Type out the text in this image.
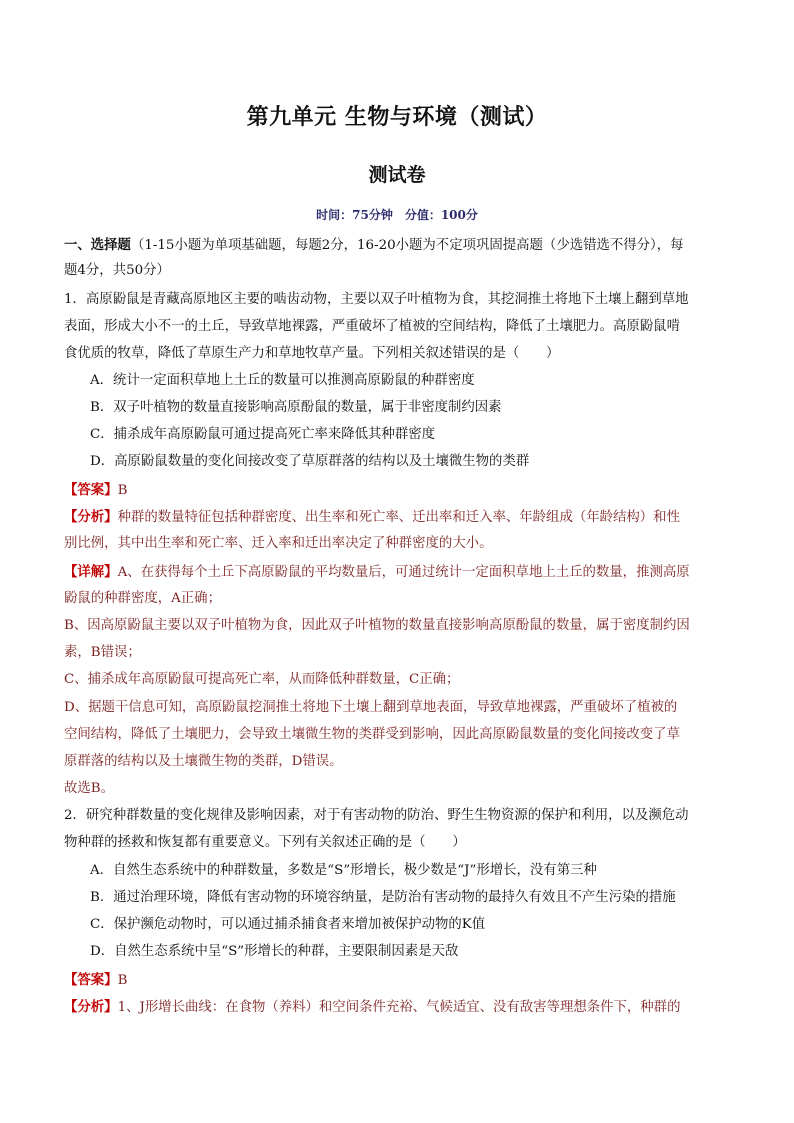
第九单元 生物与环境（测试）
测试卷
时间：75分钟　分值：100分
一、选择题（1-15小题为单项基础题，每题2分，16-20小题为不定项巩固提高题（少选错选不得分），每
题4分，共50分）
1．高原鼢鼠是青藏高原地区主要的啮齿动物，主要以双子叶植物为食，其挖洞推土将地下土壤上翻到草地
表面，形成大小不一的土丘，导致草地裸露，严重破坏了植被的空间结构，降低了土壤肥力。高原鼢鼠啃
食优质的牧草，降低了草原生产力和草地牧草产量。下列相关叙述错误的是（　　）
A．统计一定面积草地上土丘的数量可以推测高原鼢鼠的种群密度
B．双子叶植物的数量直接影响高原酚鼠的数量，属于非密度制约因素
C．捕杀成年高原鼢鼠可通过提高死亡率来降低其种群密度
D．高原鼢鼠数量的变化间接改变了草原群落的结构以及土壤微生物的类群
【答案】B
【分析】种群的数量特征包括种群密度、出生率和死亡率、迁出率和迁入率、年龄组成（年龄结构）和性
别比例，其中出生率和死亡率、迁入率和迁出率决定了种群密度的大小。
【详解】A、在获得每个土丘下高原鼢鼠的平均数量后，可通过统计一定面积草地上土丘的数量，推测高原
鼢鼠的种群密度，A正确；
B、因高原鼢鼠主要以双子叶植物为食，因此双子叶植物的数量直接影响高原酚鼠的数量，属于密度制约因
素，B错误；
C、捕杀成年高原鼢鼠可提高死亡率，从而降低种群数量，C正确；
D、据题干信息可知，高原鼢鼠挖洞推土将地下土壤上翻到草地表面，导致草地裸露，严重破坏了植被的
空间结构，降低了土壤肥力，会导致土壤微生物的类群受到影响，因此高原鼢鼠数量的变化间接改变了草
原群落的结构以及土壤微生物的类群，D错误。
故选B。
2．研究种群数量的变化规律及影响因素，对于有害动物的防治、野生生物资源的保护和利用，以及濒危动
物种群的拯救和恢复都有重要意义。下列有关叙述正确的是（　　）
A．自然生态系统中的种群数量，多数是“S”形增长，极少数是“J”形增长，没有第三种
B．通过治理环境，降低有害动物的环境容纳量，是防治有害动物的最持久有效且不产生污染的措施
C．保护濒危动物时，可以通过捕杀捕食者来增加被保护动物的K值
D．自然生态系统中呈“S”形增长的种群，主要限制因素是天敌
【答案】B
【分析】1、J形增长曲线：在食物（养料）和空间条件充裕、气候适宜、没有敌害等理想条件下，种群的
